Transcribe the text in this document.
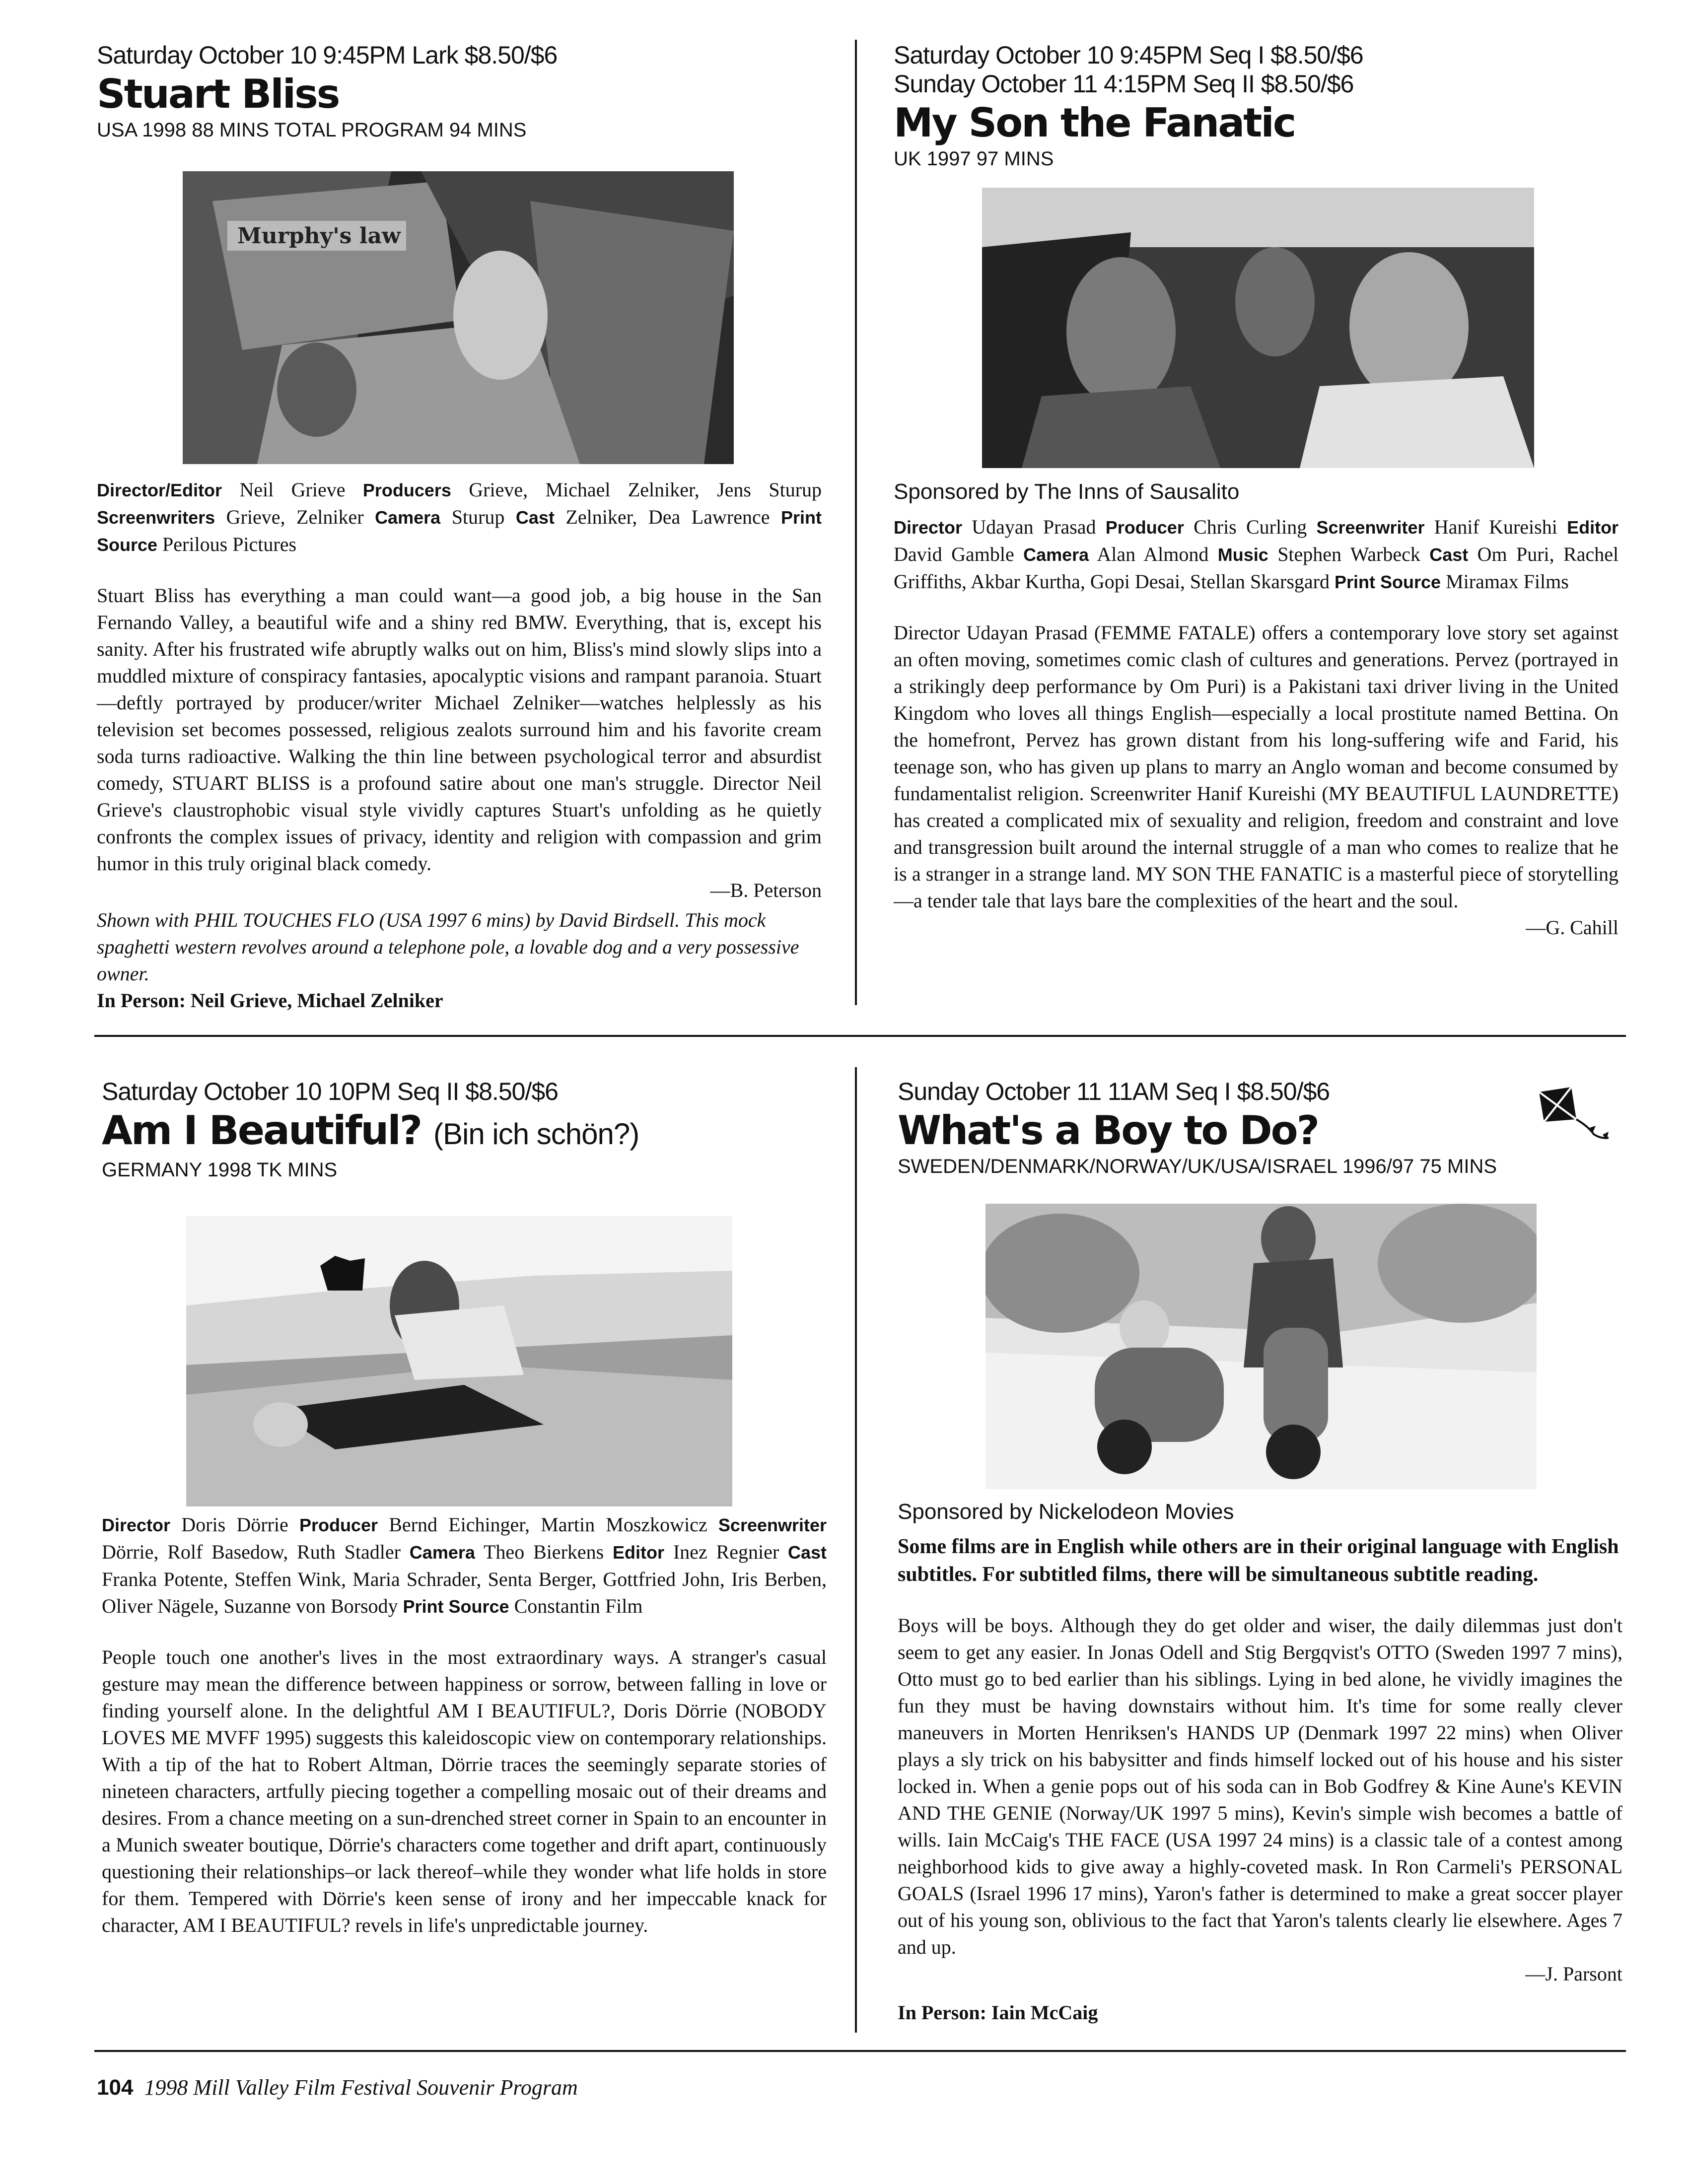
Saturday October 10 9:45PM Lark $8.50/$6
Stuart Bliss
USA 1998 88 MINS TOTAL PROGRAM 94 MINS
Murphy's law
Director/Editor Neil Grieve Producers Grieve, Michael Zelniker, Jens Sturup Screenwriters Grieve, Zelniker Camera Sturup Cast Zelniker, Dea Lawrence Print Source Perilous Pictures
Stuart Bliss has everything a man could want—a good job, a big house in the San Fernando Valley, a beautiful wife and a shiny red BMW. Everything, that is, except his sanity. After his frustrated wife abruptly walks out on him, Bliss's mind slowly slips into a muddled mixture of conspiracy fantasies, apocalyptic visions and rampant paranoia. Stuart—deftly portrayed by producer/writer Michael Zelniker—watches helplessly as his television set becomes possessed, religious zealots surround him and his favorite cream soda turns radioactive. Walking the thin line between psychological terror and absurdist comedy, STUART BLISS is a profound satire about one man's struggle. Director Neil Grieve's claustrophobic visual style vividly captures Stuart's unfolding as he quietly confronts the complex issues of privacy, identity and religion with compassion and grim humor in this truly original black comedy.
—B. Peterson
Shown with PHIL TOUCHES FLO (USA 1997 6 mins) by David Birdsell. This mock spaghetti western revolves around a telephone pole, a lovable dog and a very possessive owner.
In Person: Neil Grieve, Michael Zelniker
Saturday October 10 9:45PM Seq I $8.50/$6
Sunday October 11 4:15PM Seq II $8.50/$6
My Son the Fanatic
UK 1997 97 MINS
Sponsored by The Inns of Sausalito
Director Udayan Prasad Producer Chris Curling Screenwriter Hanif Kureishi Editor David Gamble Camera Alan Almond Music Stephen Warbeck Cast Om Puri, Rachel Griffiths, Akbar Kurtha, Gopi Desai, Stellan Skarsgard Print Source Miramax Films
Director Udayan Prasad (FEMME FATALE) offers a contemporary love story set against an often moving, sometimes comic clash of cultures and generations. Pervez (portrayed in a strikingly deep performance by Om Puri) is a Pakistani taxi driver living in the United Kingdom who loves all things English—especially a local prostitute named Bettina. On the homefront, Pervez has grown distant from his long-suffering wife and Farid, his teenage son, who has given up plans to marry an Anglo woman and become consumed by fundamentalist religion. Screenwriter Hanif Kureishi (MY BEAUTIFUL LAUNDRETTE) has created a complicated mix of sexuality and religion, freedom and constraint and love and transgression built around the internal struggle of a man who comes to realize that he is a stranger in a strange land. MY SON THE FANATIC is a masterful piece of storytelling—a tender tale that lays bare the complexities of the heart and the soul.
—G. Cahill
Saturday October 10 10PM Seq II $8.50/$6
Am I Beautiful? (Bin ich schön?)
GERMANY 1998 TK MINS
Director Doris Dörrie Producer Bernd Eichinger, Martin Moszkowicz Screenwriter Dörrie, Rolf Basedow, Ruth Stadler Camera Theo Bierkens Editor Inez Regnier Cast Franka Potente, Steffen Wink, Maria Schrader, Senta Berger, Gottfried John, Iris Berben, Oliver Nägele, Suzanne von Borsody Print Source Constantin Film
People touch one another's lives in the most extraordinary ways. A stranger's casual gesture may mean the difference between happiness or sorrow, between falling in love or finding yourself alone. In the delightful AM I BEAUTIFUL?, Doris Dörrie (NOBODY LOVES ME MVFF 1995) suggests this kaleidoscopic view on contemporary relationships. With a tip of the hat to Robert Altman, Dörrie traces the seemingly separate stories of nineteen characters, artfully piecing together a compelling mosaic out of their dreams and desires. From a chance meeting on a sun-drenched street corner in Spain to an encounter in a Munich sweater boutique, Dörrie's characters come together and drift apart, continuously questioning their relationships–or lack thereof–while they wonder what life holds in store for them. Tempered with Dörrie's keen sense of irony and her impeccable knack for character, AM I BEAUTIFUL? revels in life's unpredictable journey.
Sunday October 11 11AM Seq I $8.50/$6
What's a Boy to Do?
SWEDEN/DENMARK/NORWAY/UK/USA/ISRAEL 1996/97 75 MINS
Sponsored by Nickelodeon Movies
Some films are in English while others are in their original language with English subtitles. For subtitled films, there will be simultaneous subtitle reading.
Boys will be boys. Although they do get older and wiser, the daily dilemmas just don't seem to get any easier. In Jonas Odell and Stig Bergqvist's OTTO (Sweden 1997 7 mins), Otto must go to bed earlier than his siblings. Lying in bed alone, he vividly imagines the fun they must be having downstairs without him. It's time for some really clever maneuvers in Morten Henriksen's HANDS UP (Denmark 1997 22 mins) when Oliver plays a sly trick on his babysitter and finds himself locked out of his house and his sister locked in. When a genie pops out of his soda can in Bob Godfrey & Kine Aune's KEVIN AND THE GENIE (Norway/UK 1997 5 mins), Kevin's simple wish becomes a battle of wills. Iain McCaig's THE FACE (USA 1997 24 mins) is a classic tale of a contest among neighborhood kids to give away a highly-coveted mask. In Ron Carmeli's PERSONAL GOALS (Israel 1996 17 mins), Yaron's father is determined to make a great soccer player out of his young son, oblivious to the fact that Yaron's talents clearly lie elsewhere. Ages 7 and up.
—J. Parsont
In Person: Iain McCaig
104 1998 Mill Valley Film Festival Souvenir Program
